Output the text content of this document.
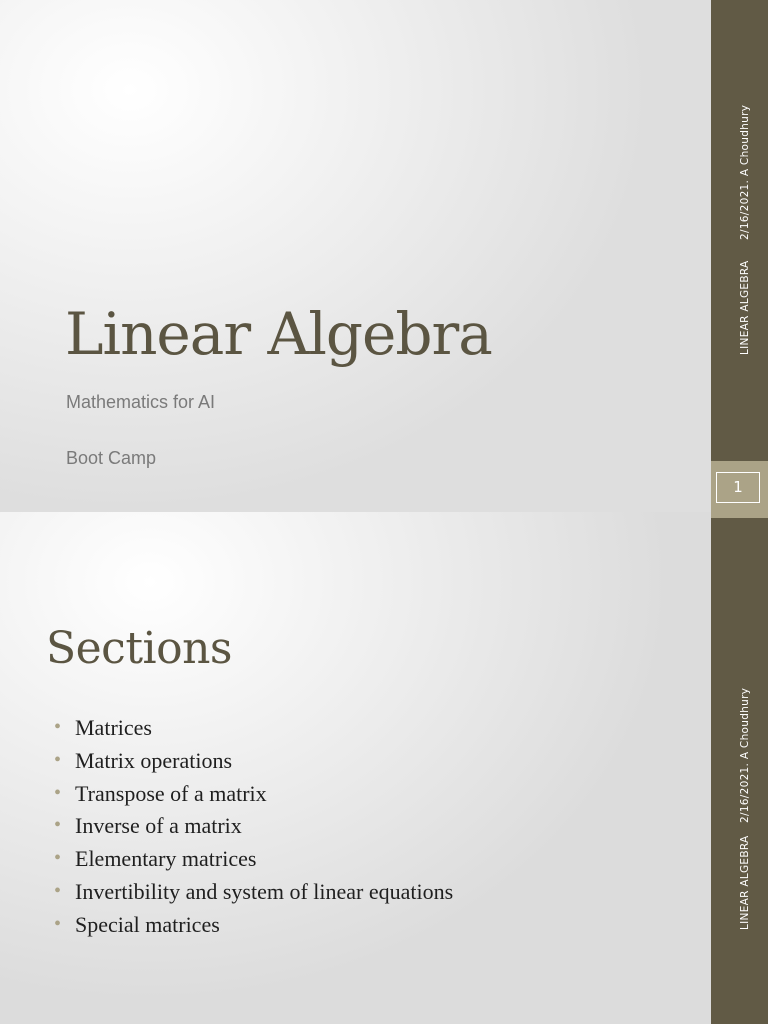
LINEAR ALGEBRA
2/16/2021. A Choudhury
Linear Algebra

Mathematics for AI

Boot Camp

1
LINEAR ALGEBRA
2/16/2021. A Choudhury
Sections
• Matrices
• Matrix operations
• Transpose of a matrix
• Inverse of a matrix
• Elementary matrices
• Invertibility and system of linear equations
• Special matrices
